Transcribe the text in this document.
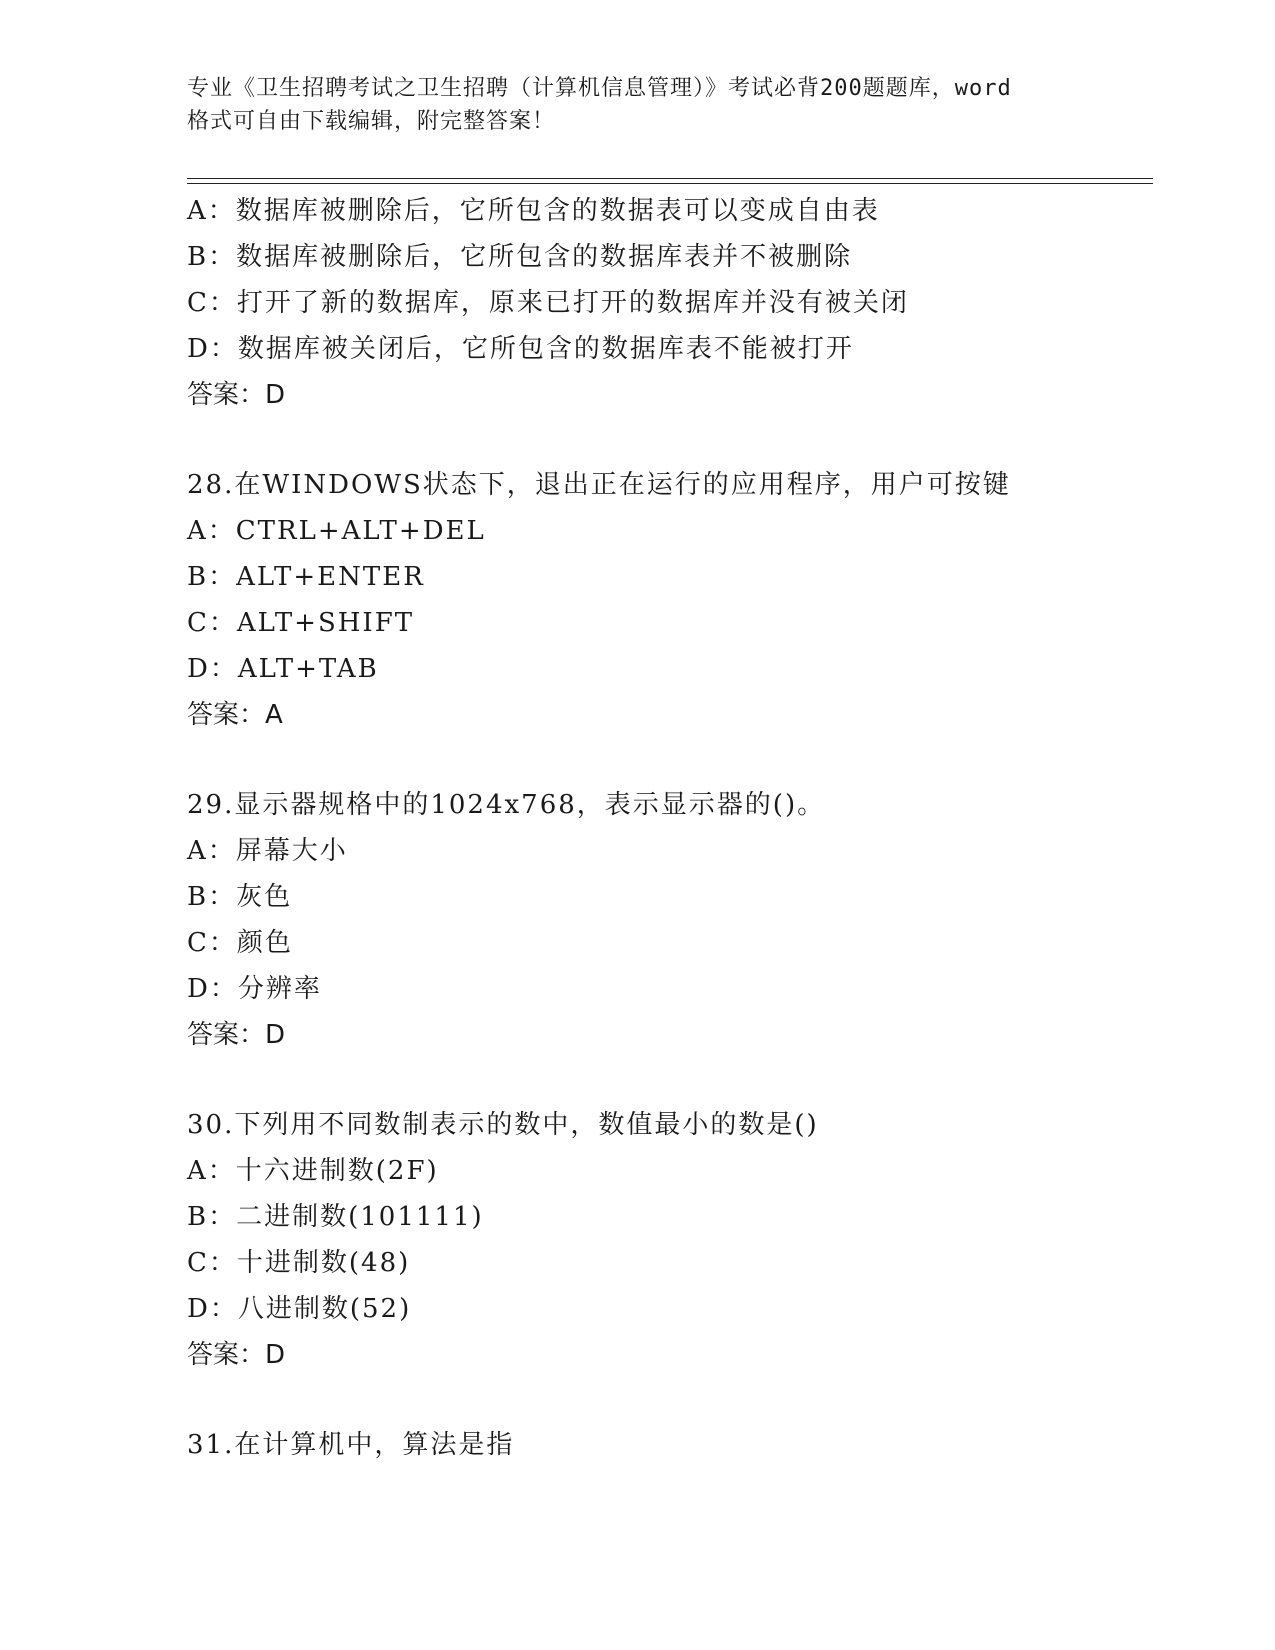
专业《卫生招聘考试之卫生招聘（计算机信息管理）》考试必背200题题库，word
格式可自由下载编辑，附完整答案！
A：数据库被删除后，它所包含的数据表可以变成自由表
B：数据库被删除后，它所包含的数据库表并不被删除
C：打开了新的数据库，原来已打开的数据库并没有被关闭
D：数据库被关闭后，它所包含的数据库表不能被打开
答案：D
28.在WINDOWS状态下，退出正在运行的应用程序，用户可按键
A：CTRL+ALT+DEL
B：ALT+ENTER
C：ALT+SHIFT
D：ALT+TAB
答案：A
29.显示器规格中的1024x768，表示显示器的()。
A：屏幕大小
B：灰色
C：颜色
D：分辨率
答案：D
30.下列用不同数制表示的数中，数值最小的数是()
A：十六进制数(2F)
B：二进制数(101111)
C：十进制数(48)
D：八进制数(52)
答案：D
31.在计算机中，算法是指
